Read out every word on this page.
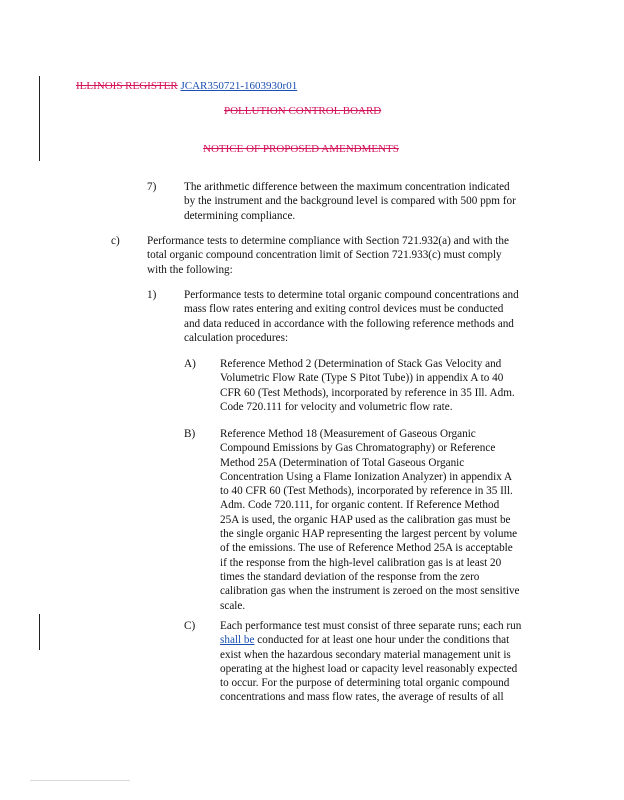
ILLINOIS REGISTER JCAR350721-1603930r01
POLLUTION CONTROL BOARD
NOTICE OF PROPOSED AMENDMENTS
7) The arithmetic difference between the maximum concentration indicated
by the instrument and the background level is compared with 500 ppm for
determining compliance.
c) Performance tests to determine compliance with Section 721.932(a) and with the
total organic compound concentration limit of Section 721.933(c) must comply
with the following:
1) Performance tests to determine total organic compound concentrations and
mass flow rates entering and exiting control devices must be conducted
and data reduced in accordance with the following reference methods and
calculation procedures:
A) Reference Method 2 (Determination of Stack Gas Velocity and
Volumetric Flow Rate (Type S Pitot Tube)) in appendix A to 40
CFR 60 (Test Methods), incorporated by reference in 35 Ill. Adm.
Code 720.111 for velocity and volumetric flow rate.
B) Reference Method 18 (Measurement of Gaseous Organic
Compound Emissions by Gas Chromatography) or Reference
Method 25A (Determination of Total Gaseous Organic
Concentration Using a Flame Ionization Analyzer) in appendix A
to 40 CFR 60 (Test Methods), incorporated by reference in 35 Ill.
Adm. Code 720.111, for organic content. If Reference Method
25A is used, the organic HAP used as the calibration gas must be
the single organic HAP representing the largest percent by volume
of the emissions. The use of Reference Method 25A is acceptable
if the response from the high-level calibration gas is at least 20
times the standard deviation of the response from the zero
calibration gas when the instrument is zeroed on the most sensitive
scale.
C) Each performance test must consist of three separate runs; each run
shall be conducted for at least one hour under the conditions that
exist when the hazardous secondary material management unit is
operating at the highest load or capacity level reasonably expected
to occur. For the purpose of determining total organic compound
concentrations and mass flow rates, the average of results of all
